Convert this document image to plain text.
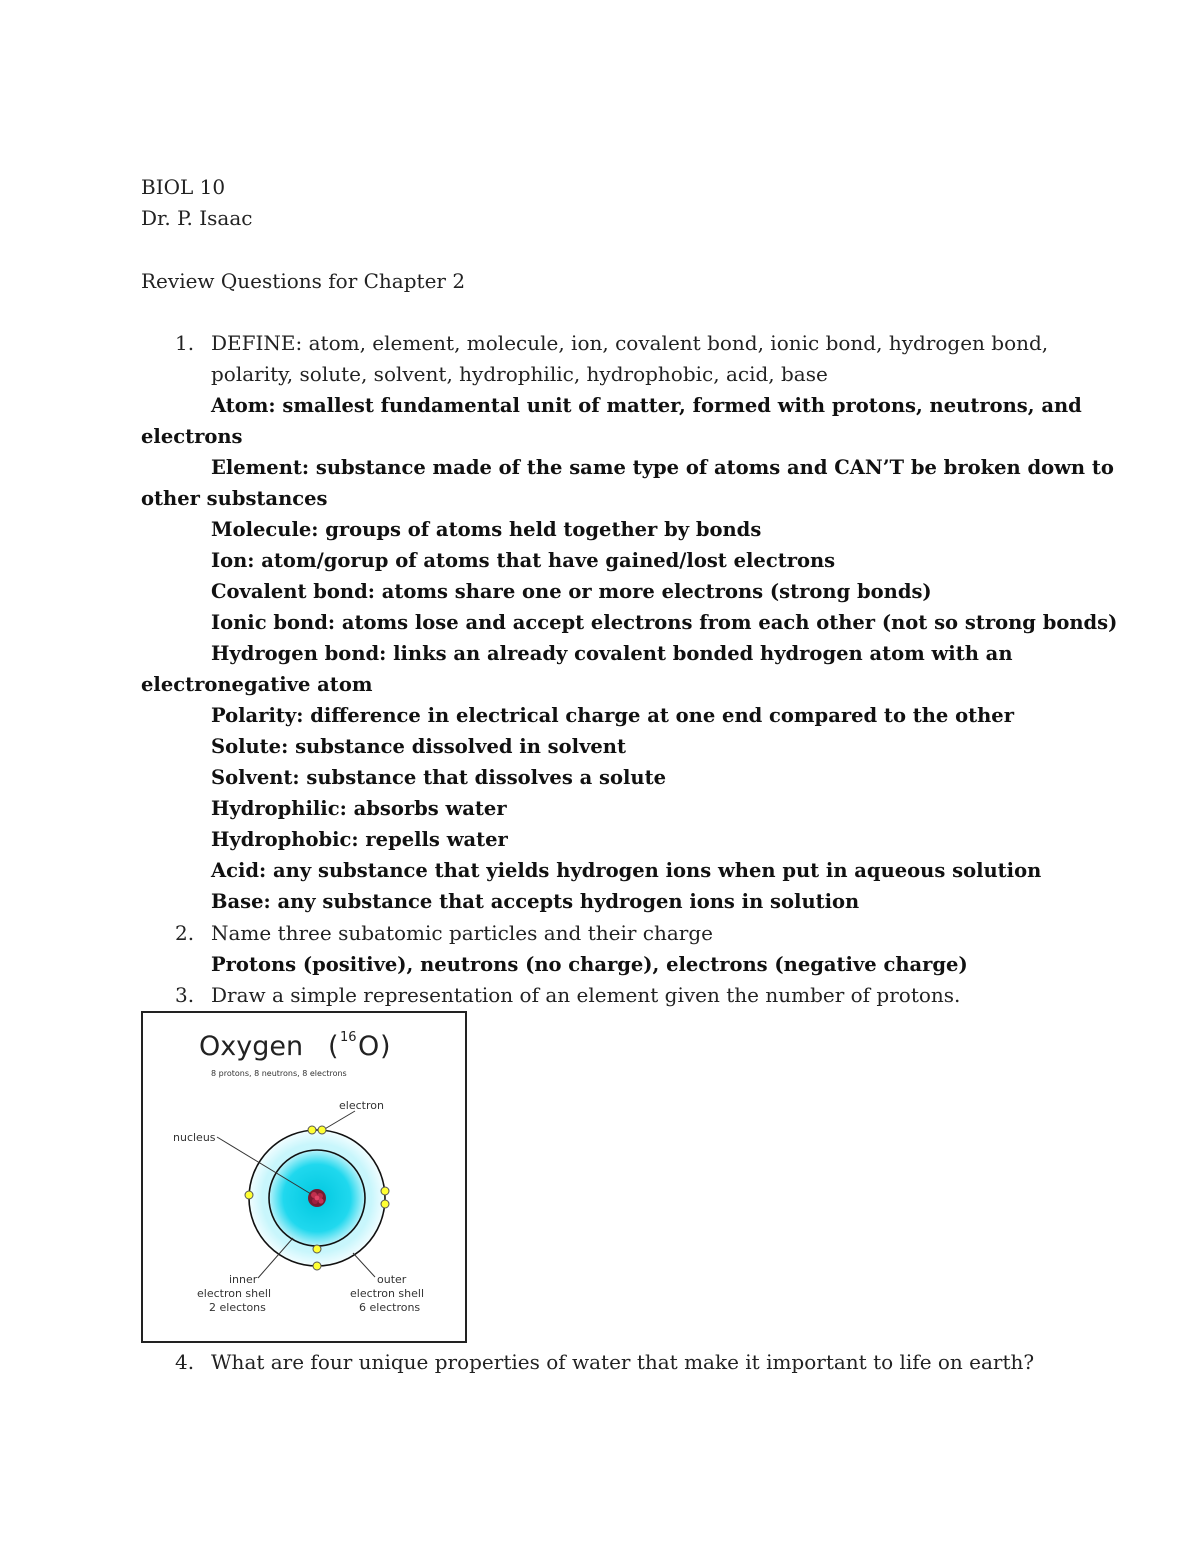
BIOL 10
Dr. P. Isaac
Review Questions for Chapter 2
1. DEFINE: atom, element, molecule, ion, covalent bond, ionic bond, hydrogen bond,
polarity, solute, solvent, hydrophilic, hydrophobic, acid, base
Atom: smallest fundamental unit of matter, formed with protons, neutrons, and
electrons
Element: substance made of the same type of atoms and CAN’T be broken down to
other substances
Molecule: groups of atoms held together by bonds
Ion: atom/gorup of atoms that have gained/lost electrons
Covalent bond: atoms share one or more electrons (strong bonds)
Ionic bond: atoms lose and accept electrons from each other (not so strong bonds)
Hydrogen bond: links an already covalent bonded hydrogen atom with an
electronegative atom
Polarity: difference in electrical charge at one end compared to the other
Solute: substance dissolved in solvent
Solvent: substance that dissolves a solute
Hydrophilic: absorbs water
Hydrophobic: repells water
Acid: any substance that yields hydrogen ions when put in aqueous solution
Base: any substance that accepts hydrogen ions in solution
2. Name three subatomic particles and their charge
Protons (positive), neutrons (no charge), electrons (negative charge)
3. Draw a simple representation of an element given the number of protons.
Oxygen ( 16 O )
8 protons, 8 neutrons, 8 electrons
electron
nucleus
inner
electron shell
2 electons
outer
electron shell
6 electrons
4. What are four unique properties of water that make it important to life on earth?
